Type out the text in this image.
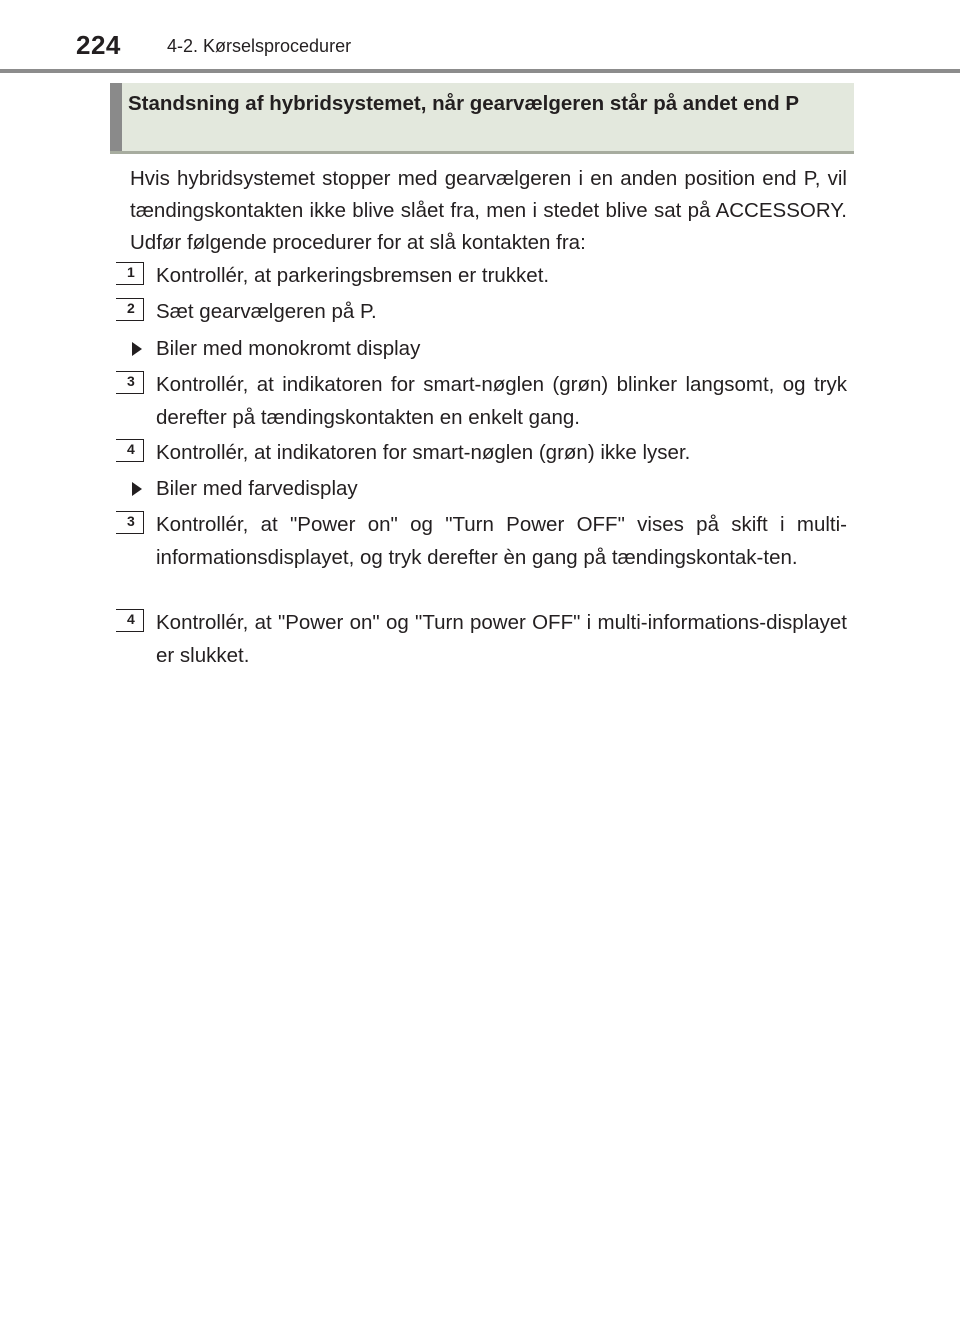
224	4-2. Kørselsprocedurer
Standsning af hybridsystemet, når gearvælgeren står på andet end P

Hvis hybridsystemet stopper med gearvælgeren i en anden position end P, vil tændingskontakten ikke blive slået fra, men i stedet blive sat på ACCESSORY. Udfør følgende procedurer for at slå kontakten fra:

1 Kontrollér, at parkeringsbremsen er trukket.

2 Sæt gearvælgeren på P.

Biler med monokromt display
3 Kontrollér, at indikatoren for smart-nøglen (grøn) blinker langsomt, og tryk derefter på tændingskontakten en enkelt gang.

4 Kontrollér, at indikatoren for smart-nøglen (grøn) ikke lyser.

Biler med farvedisplay
3 Kontrollér, at "Power on" og "Turn Power OFF" vises på skift i multi-informationsdisplayet, og tryk derefter èn gang på tændingskontak-ten.

4 Kontrollér, at "Power on" og "Turn power OFF" i multi-informations-displayet er slukket.
